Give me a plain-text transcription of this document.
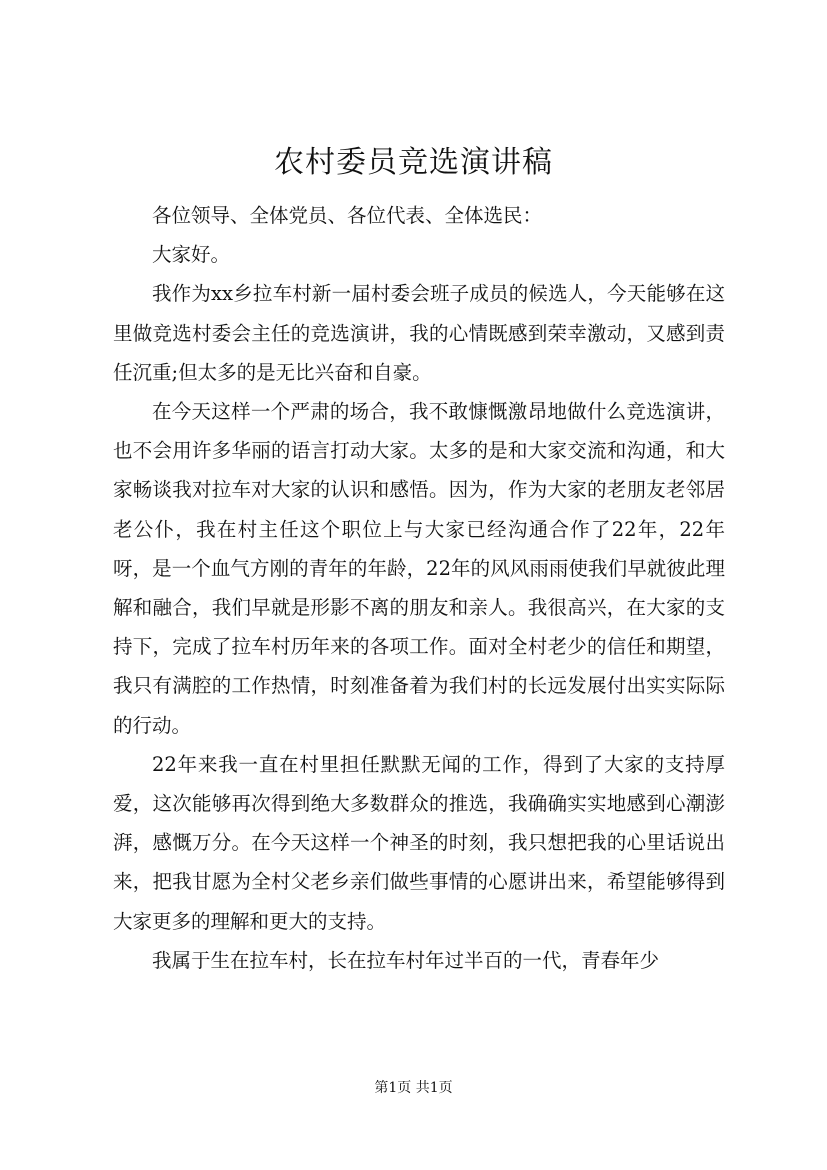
农村委员竞选演讲稿

各位领导、全体党员、各位代表、全体选民：

大家好。

我作为xx乡拉车村新一届村委会班子成员的候选人，今天能够在这里做竞选村委会主任的竞选演讲，我的心情既感到荣幸激动，又感到责任沉重;但太多的是无比兴奋和自豪。

在今天这样一个严肃的场合，我不敢慷慨激昂地做什么竞选演讲，也不会用许多华丽的语言打动大家。太多的是和大家交流和沟通，和大家畅谈我对拉车对大家的认识和感悟。因为，作为大家的老朋友老邻居老公仆，我在村主任这个职位上与大家已经沟通合作了22年，22年呀，是一个血气方刚的青年的年龄，22年的风风雨雨使我们早就彼此理解和融合，我们早就是形影不离的朋友和亲人。我很高兴，在大家的支持下，完成了拉车村历年来的各项工作。面对全村老少的信任和期望，我只有满腔的工作热情，时刻准备着为我们村的长远发展付出实实际际的行动。

22年来我一直在村里担任默默无闻的工作，得到了大家的支持厚爱，这次能够再次得到绝大多数群众的推选，我确确实实地感到心潮澎湃，感慨万分。在今天这样一个神圣的时刻，我只想把我的心里话说出来，把我甘愿为全村父老乡亲们做些事情的心愿讲出来，希望能够得到大家更多的理解和更大的支持。

我属于生在拉车村，长在拉车村年过半百的一代，青春年少

第1页 共1页
